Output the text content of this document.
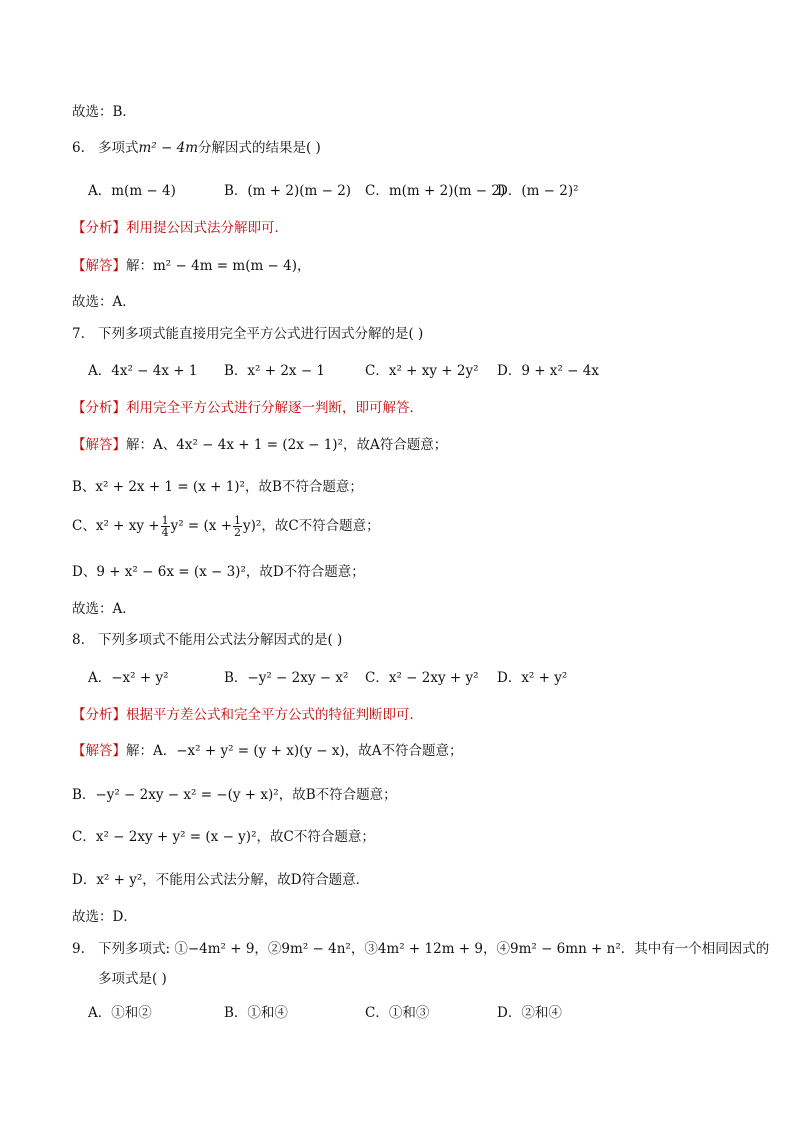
故选：B．
6. 多项式m² − 4m分解因式的结果是( )
A．m(m − 4)	B．(m + 2)(m − 2) C．m(m + 2)(m − 2)
D．(m − 2)²
【分析】利用提公因式法分解即可．
【解答】解：m² − 4m = m(m − 4)，
故选：A．
7. 下列多项式能直接用完全平方公式进行因式分解的是( )
A．4x² − 4x + 1 B．x² + 2x − 1	C．x² + xy + 2y² D．9 + x² − 4x
【分析】利用完全平方公式进行分解逐一判断，即可解答．
【解答】解：A、4x² − 4x + 1 = (2x − 1)²，故A符合题意；
B、x² + 2x + 1 = (x + 1)²，故B不符合题意；
C、x² + xy + $\frac{1}{4} y^2 = (x + \frac{1}{2} y)^2$，故C不符合题意；
D、9 + x² − 6x = (x − 3)²，故D不符合题意；
故选：A．
8. 下列多项式不能用公式法分解因式的是( )
A．−x² + y²	B．−y² − 2xy − x² C．x² − 2xy + y² D．x² + y²
【分析】根据平方差公式和完全平方公式的特征判断即可．
【解答】解：A．−x² + y² = (y + x)(y − x)，故A不符合题意；
B．−y² − 2xy − x² = −(y + x)²，故B不符合题意；
C．x² − 2xy + y² = (x − y)²，故C不符合题意；
D．x² + y²，不能用公式法分解，故D符合题意．
故选：D．
9. 下列多项式: ①−4m² + 9，②9m² − 4n²，③4m² + 12m + 9，④9m² − 6mn + n²．其中有一个相同因式的
多项式是( )
A．①和②	B．①和④	C．①和③	D．②和④
